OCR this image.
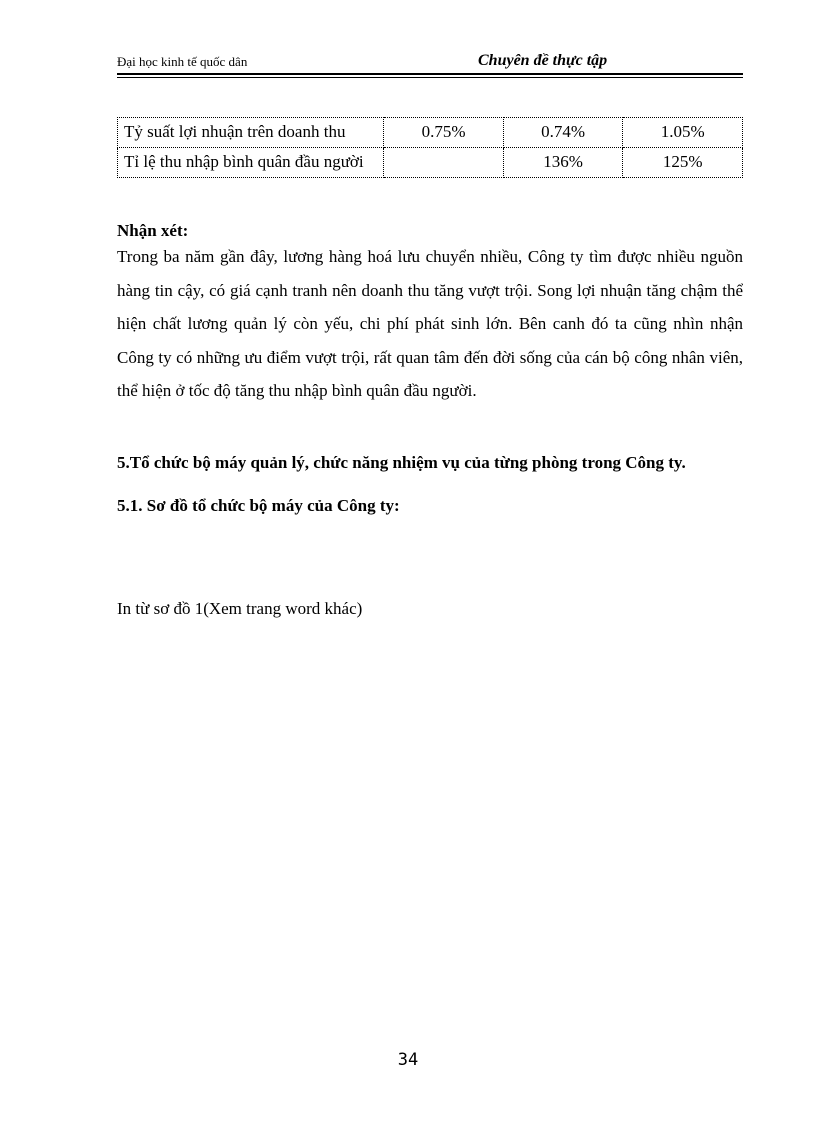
Đại học kinh tế quốc dân	Chuyên đề thực tập
Tỷ suất lợi nhuận trên doanh thu	0.75%	0.74%	1.05%
Tỉ lệ thu nhập bình quân đầu người		136%	125%
Nhận xét:

Trong ba năm gần đây, lương hàng hoá lưu chuyển nhiều, Công ty tìm được nhiều nguồn hàng tin cậy, có giá cạnh tranh nên doanh thu tăng vượt trội. Song lợi nhuận tăng chậm thể hiện chất lương quản lý còn yếu, chi phí phát sinh lớn. Bên canh đó ta cũng nhìn nhận Công ty có những ưu điểm vượt trội, rất quan tâm đến đời sống của cán bộ công nhân viên, thể hiện ở tốc độ tăng thu nhập bình quân đầu người.

5.Tổ chức bộ máy quản lý, chức năng nhiệm vụ của từng phòng trong Công ty.

5.1. Sơ đồ tổ chức bộ máy của Công ty:
In từ sơ đồ 1(Xem trang word khác)
34
